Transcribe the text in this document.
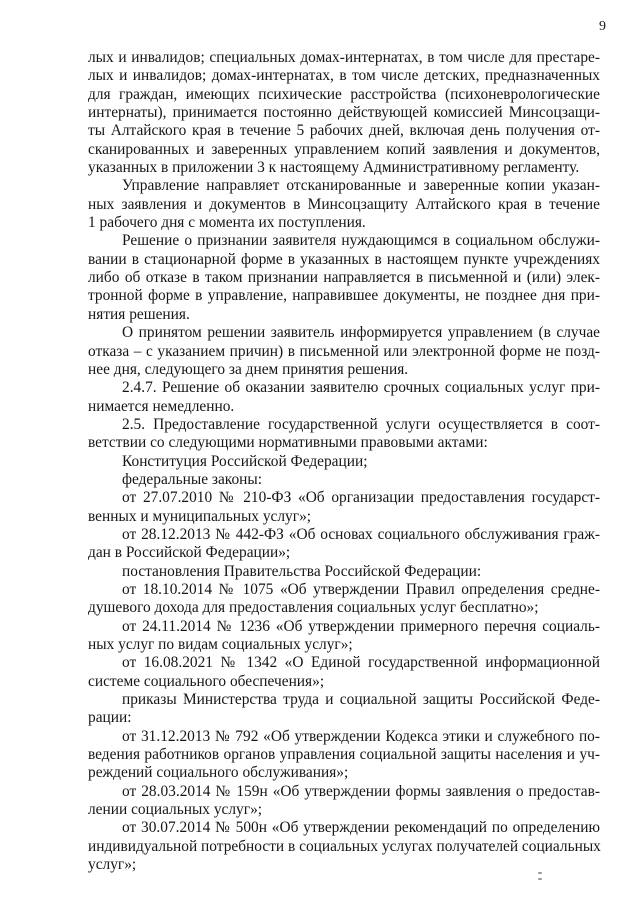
9
лых и инвалидов; специальных домах-интернатах, в том числе для престаре-
лых и инвалидов; домах-интернатах, в том числе детских, предназначенных
для граждан, имеющих психические расстройства (психоневрологические
интернаты), принимается постоянно действующей комиссией Минсоцзащи-
ты Алтайского края в течение 5 рабочих дней, включая день получения от-
сканированных и заверенных управлением копий заявления и документов,
указанных в приложении 3 к настоящему Административному регламенту.
Управление направляет отсканированные и заверенные копии указан-
ных заявления и документов в Минсоцзащиту Алтайского края в течение
1 рабочего дня с момента их поступления.
Решение о признании заявителя нуждающимся в социальном обслужи-
вании в стационарной форме в указанных в настоящем пункте учреждениях
либо об отказе в таком признании направляется в письменной и (или) элек-
тронной форме в управление, направившее документы, не позднее дня при-
нятия решения.
О принятом решении заявитель информируется управлением (в случае
отказа – с указанием причин) в письменной или электронной форме не позд-
нее дня, следующего за днем принятия решения.
2.4.7. Решение об оказании заявителю срочных социальных услуг при-
нимается немедленно.
2.5. Предоставление государственной услуги осуществляется в соот-
ветствии со следующими нормативными правовыми актами:
Конституция Российской Федерации;
федеральные законы:
от 27.07.2010 № 210-ФЗ «Об организации предоставления государст-
венных и муниципальных услуг»;
от 28.12.2013 № 442-ФЗ «Об основах социального обслуживания граж-
дан в Российской Федерации»;
постановления Правительства Российской Федерации:
от 18.10.2014 № 1075 «Об утверждении Правил определения средне-
душевого дохода для предоставления социальных услуг бесплатно»;
от 24.11.2014 № 1236 «Об утверждении примерного перечня социаль-
ных услуг по видам социальных услуг»;
от 16.08.2021 № 1342 «О Единой государственной информационной
системе социального обеспечения»;
приказы Министерства труда и социальной защиты Российской Феде-
рации:
от 31.12.2013 № 792 «Об утверждении Кодекса этики и служебного по-
ведения работников органов управления социальной защиты населения и уч-
реждений социального обслуживания»;
от 28.03.2014 № 159н «Об утверждении формы заявления о предостав-
лении социальных услуг»;
от 30.07.2014 № 500н «Об утверждении рекомендаций по определению
индивидуальной потребности в социальных услугах получателей социальных
услуг»;
